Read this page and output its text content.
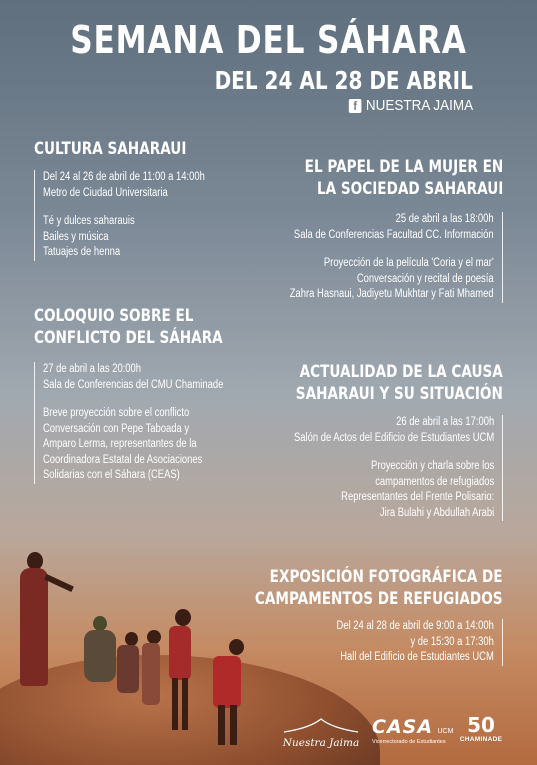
SEMANA DEL SÁHARA
DEL 24 AL 28 DE ABRIL
f NUESTRA JAIMA
CULTURA SAHARAUI
Del 24 al 26 de abril de 11:00 a 14:00h
Metro de Ciudad Universitaria
Té y dulces saharauis
Bailes y música
Tatuajes de henna
EL PAPEL DE LA MUJER EN
LA SOCIEDAD SAHARAUI
25 de abril a las 18:00h
Sala de Conferencias Facultad CC. Información
Proyección de la película 'Coria y el mar'
Conversación y recital de poesía
Zahra Hasnaui, Jadiyetu Mukhtar y Fati Mhamed
COLOQUIO SOBRE EL
CONFLICTO DEL SÁHARA
27 de abril a las 20:00h
Sala de Conferencias del CMU Chaminade
Breve proyección sobre el conflicto
Conversación con Pepe Taboada y
Amparo Lerma, representantes de la
Coordinadora Estatal de Asociaciones
Solidarias con el Sáhara (CEAS)
ACTUALIDAD DE LA CAUSA
SAHARAUI Y SU SITUACIÓN
26 de abril a las 17:00h
Salón de Actos del Edificio de Estudiantes UCM
Proyección y charla sobre los
campamentos de refugiados
Representantes del Frente Polisario:
Jira Bulahi y Abdullah Arabi
EXPOSICIÓN FOTOGRÁFICA DE
CAMPAMENTOS DE REFUGIADOS
Del 24 al 28 de abril de 9:00 a 14:00h
y de 15:30 a 17:30h
Hall del Edificio de Estudiantes UCM
Nuestra Jaima
CASA UCM
Vicerrectorado de Estudiantes
50
CHAMINADE
